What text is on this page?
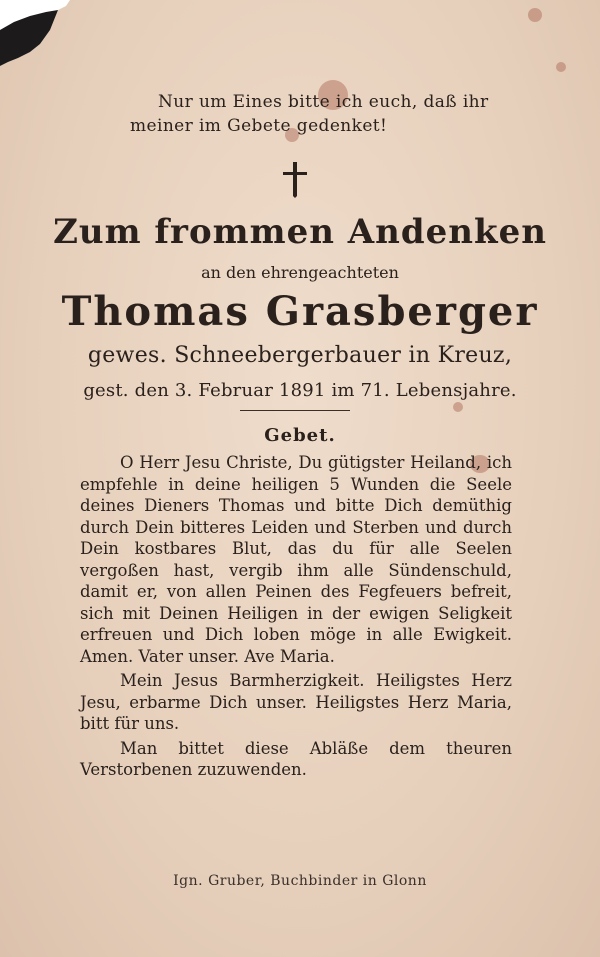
Nur um Eines bitte ich euch, daß ihr
meiner im Gebete gedenket!
Zum frommen Andenken
an den ehrengeachteten
Thomas Grasberger
gewes. Schneebergerbauer in Kreuz,
gest. den 3. Februar 1891 im 71. Lebensjahre.
Gebet.
O Herr Jesu Christe, Du gütigster Heiland, ich empfehle in deine heiligen 5 Wunden die Seele deines Dieners Thomas und bitte Dich demüthig durch Dein bitteres Leiden und Sterben und durch Dein kostbares Blut, das du für alle Seelen vergoßen hast, vergib ihm alle Sündenschuld, damit er, von allen Peinen des Fegfeuers befreit, sich mit Deinen Heiligen in der ewigen Seligkeit erfreuen und Dich loben möge in alle Ewigkeit. Amen. Vater unser. Ave Maria.
Mein Jesus Barmherzigkeit. Heiligstes Herz Jesu, erbarme Dich unser. Heiligstes Herz Maria, bitt für uns.
Man bittet diese Abläße dem theuren Verstorbenen zuzuwenden.
Ign. Gruber, Buchbinder in Glonn
